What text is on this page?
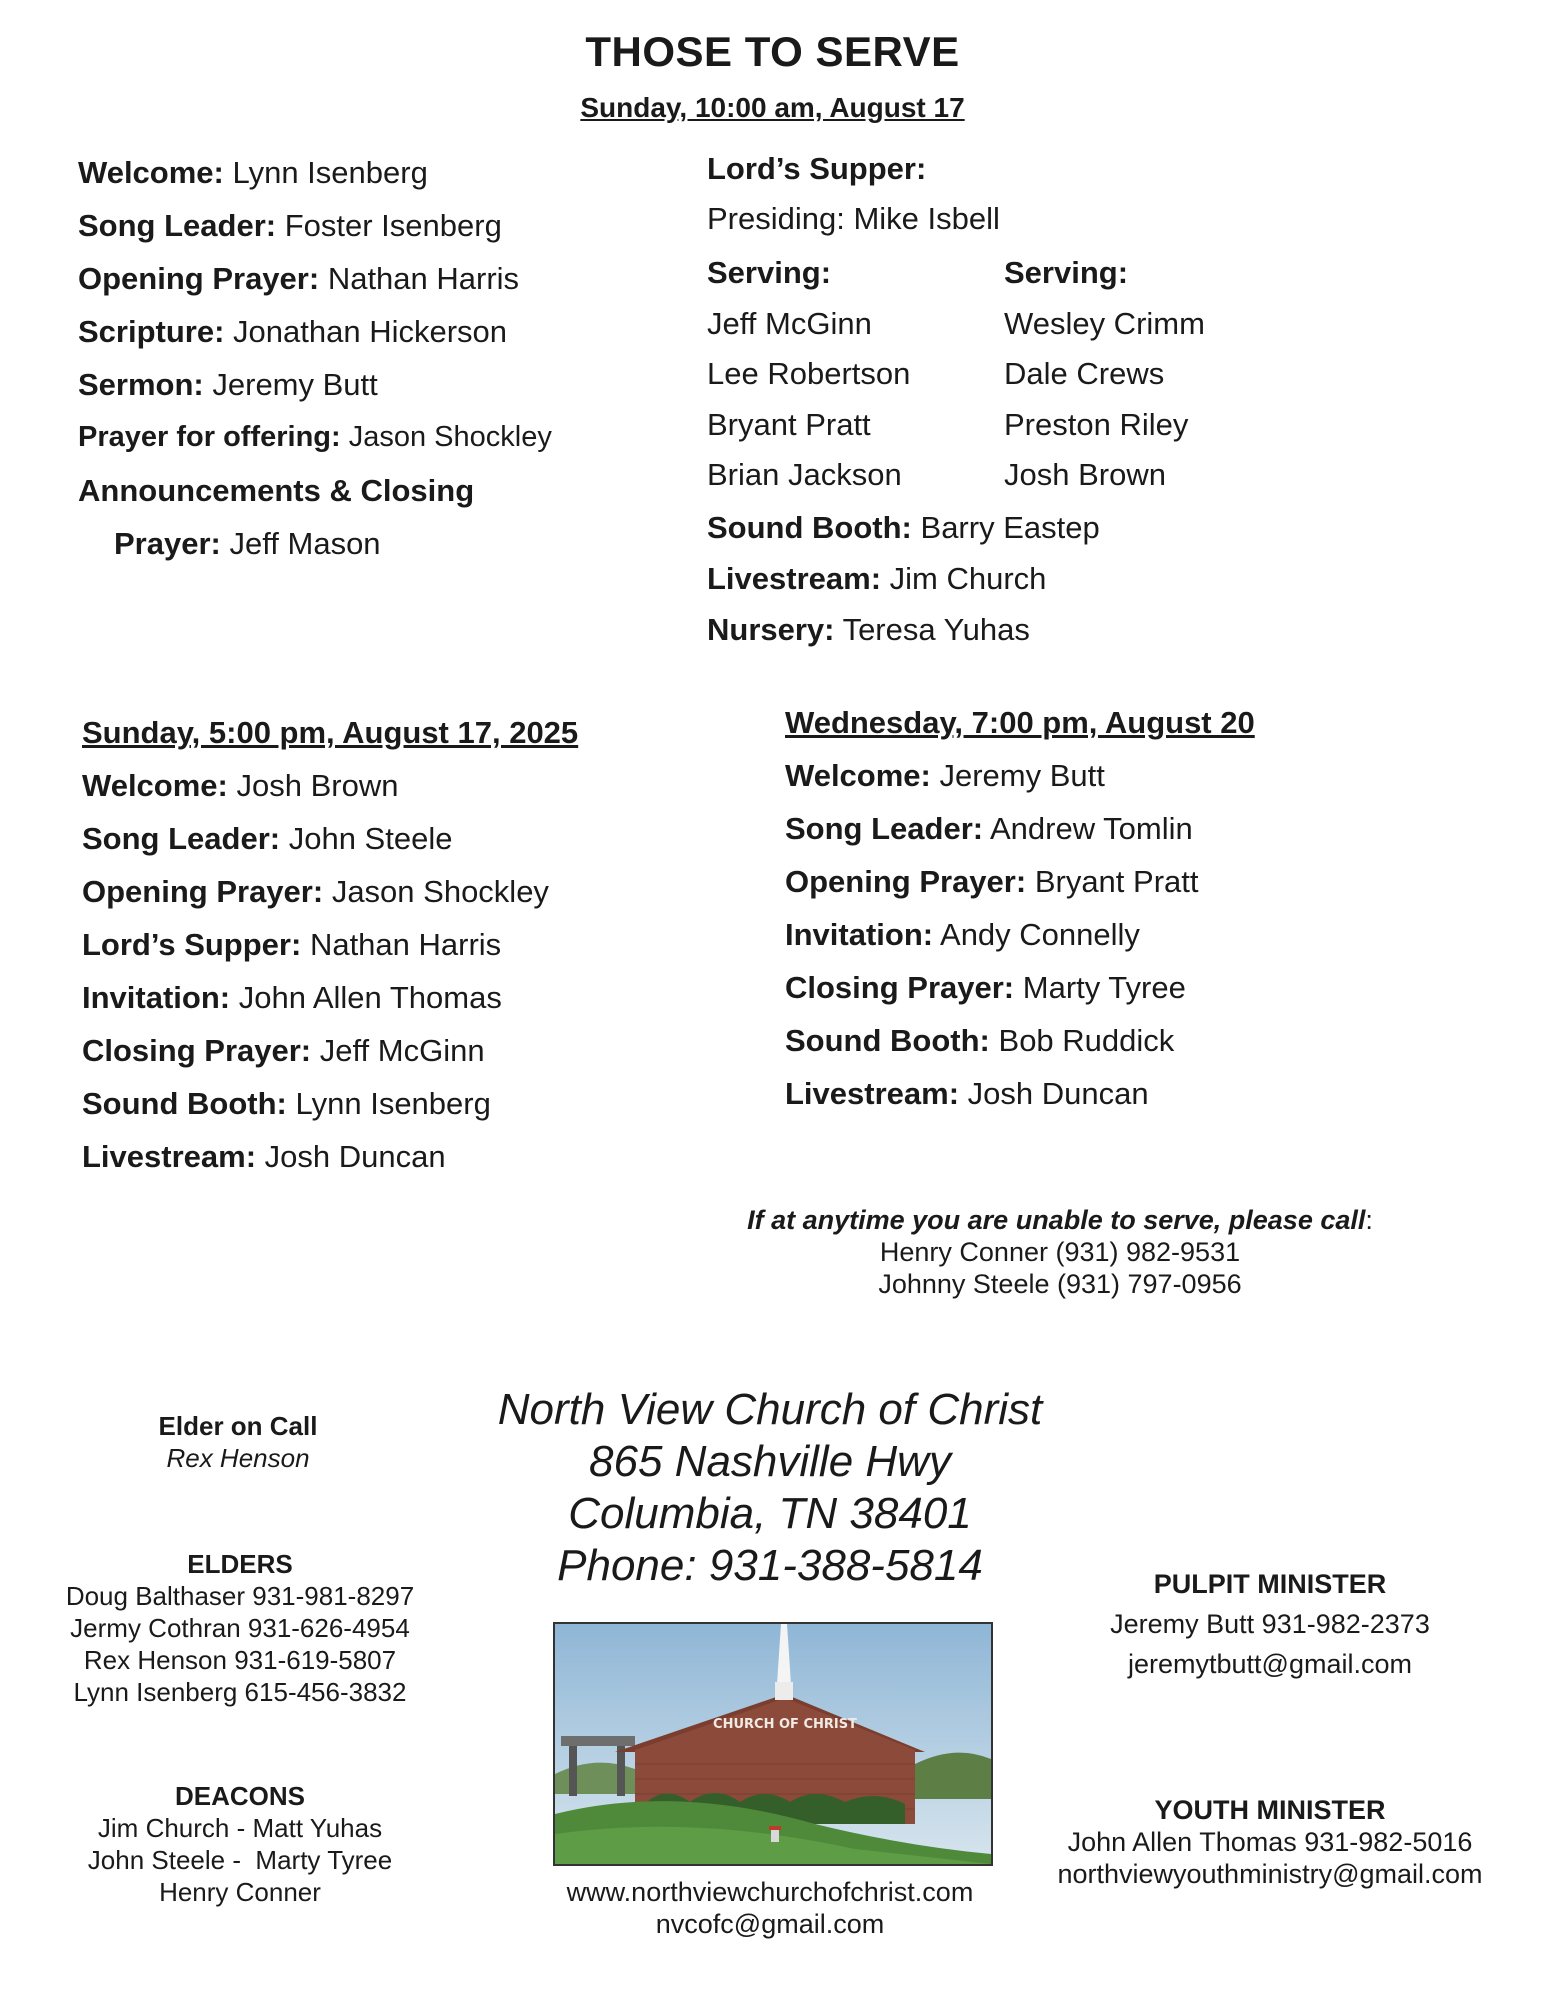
THOSE TO SERVE
Sunday, 10:00 am, August 17
Welcome: Lynn Isenberg
Song Leader: Foster Isenberg
Opening Prayer: Nathan Harris
Scripture: Jonathan Hickerson
Sermon: Jeremy Butt
Prayer for offering: Jason Shockley
Announcements & Closing
Prayer: Jeff Mason
Lord’s Supper:
Presiding: Mike Isbell
Serving:
Jeff McGinn
Lee Robertson
Bryant Pratt
Brian Jackson
Serving:
Wesley Crimm
Dale Crews
Preston Riley
Josh Brown
Sound Booth: Barry Eastep
Livestream: Jim Church
Nursery: Teresa Yuhas
Sunday, 5:00 pm, August 17, 2025
Welcome: Josh Brown
Song Leader: John Steele
Opening Prayer: Jason Shockley
Lord’s Supper: Nathan Harris
Invitation: John Allen Thomas
Closing Prayer: Jeff McGinn
Sound Booth: Lynn Isenberg
Livestream: Josh Duncan
Wednesday, 7:00 pm, August 20
Welcome: Jeremy Butt
Song Leader: Andrew Tomlin
Opening Prayer: Bryant Pratt
Invitation: Andy Connelly
Closing Prayer: Marty Tyree
Sound Booth: Bob Ruddick
Livestream: Josh Duncan
If at anytime you are unable to serve, please call:
Henry Conner (931) 982-9531
Johnny Steele (931) 797-0956
Elder on Call
Rex Henson
ELDERS
Doug Balthaser 931-981-8297
Jermy Cothran 931-626-4954
Rex Henson 931-619-5807
Lynn Isenberg 615-456-3832
DEACONS
Jim Church - Matt Yuhas
John Steele -  Marty Tyree
Henry Conner
North View Church of Christ
865 Nashville Hwy
Columbia, TN 38401
Phone: 931-388-5814
CHURCH OF CHRIST
www.northviewchurchofchrist.com
nvcofc@gmail.com
PULPIT MINISTER
Jeremy Butt 931-982-2373
jeremytbutt@gmail.com
YOUTH MINISTER
John Allen Thomas 931-982-5016
northviewyouthministry@gmail.com
